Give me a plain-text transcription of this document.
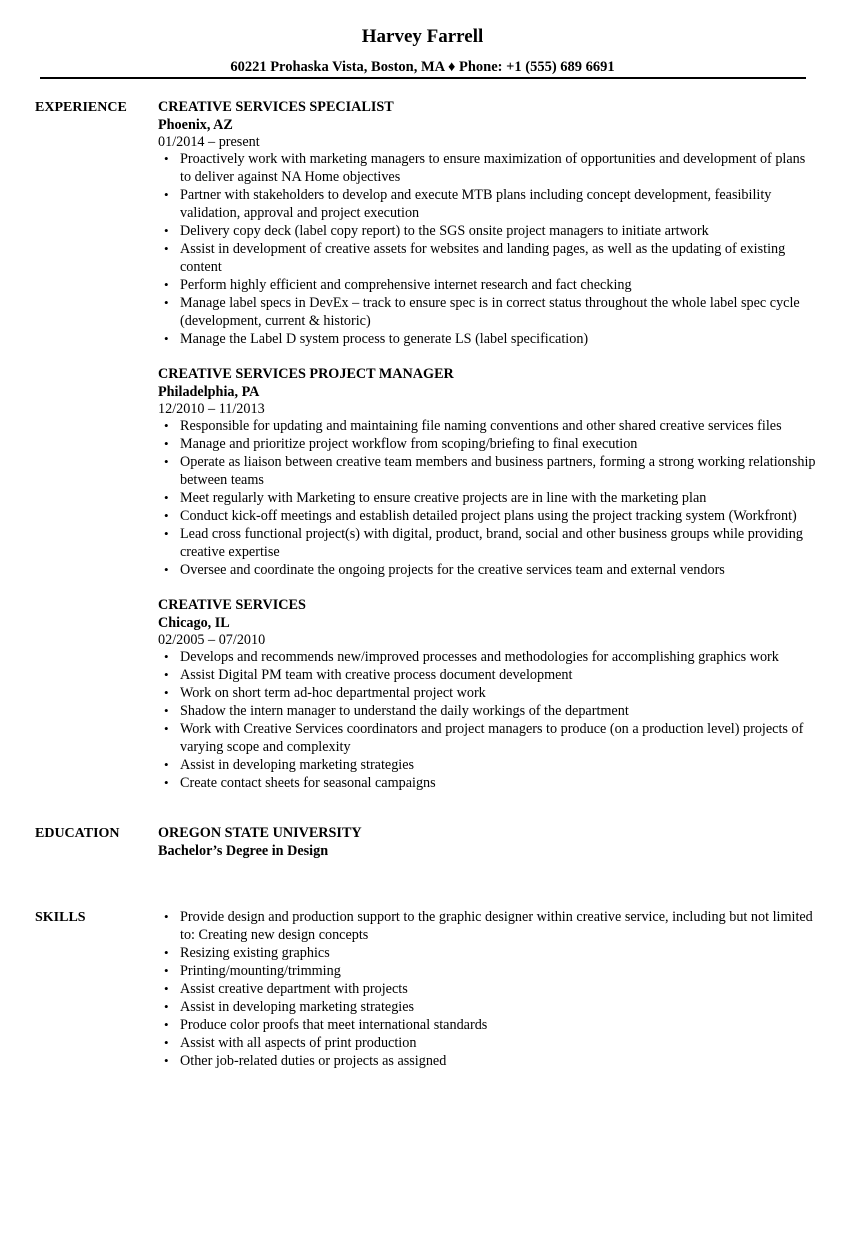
Harvey Farrell
60221 Prohaska Vista, Boston, MA ♦ Phone: +1 (555) 689 6691
EXPERIENCE CREATIVE SERVICES SPECIALIST
Phoenix, AZ
01/2014 – present
• Proactively work with marketing managers to ensure maximization of opportunities and development of plans to deliver against NA Home objectives
• Partner with stakeholders to develop and execute MTB plans including concept development, feasibility validation, approval and project execution
• Delivery copy deck (label copy report) to the SGS onsite project managers to initiate artwork
• Assist in development of creative assets for websites and landing pages, as well as the updating of existing content
• Perform highly efficient and comprehensive internet research and fact checking
• Manage label specs in DevEx – track to ensure spec is in correct status throughout the whole label spec cycle (development, current & historic)
• Manage the Label D system process to generate LS (label specification)
CREATIVE SERVICES PROJECT MANAGER
Philadelphia, PA
12/2010 – 11/2013
• Responsible for updating and maintaining file naming conventions and other shared creative services files
• Manage and prioritize project workflow from scoping/briefing to final execution
• Operate as liaison between creative team members and business partners, forming a strong working relationship between teams
• Meet regularly with Marketing to ensure creative projects are in line with the marketing plan
• Conduct kick-off meetings and establish detailed project plans using the project tracking system (Workfront)
• Lead cross functional project(s) with digital, product, brand, social and other business groups while providing creative expertise
• Oversee and coordinate the ongoing projects for the creative services team and external vendors
CREATIVE SERVICES
Chicago, IL
02/2005 – 07/2010
• Develops and recommends new/improved processes and methodologies for accomplishing graphics work
• Assist Digital PM team with creative process document development
• Work on short term ad-hoc departmental project work
• Shadow the intern manager to understand the daily workings of the department
• Work with Creative Services coordinators and project managers to produce (on a production level) projects of varying scope and complexity
• Assist in developing marketing strategies
• Create contact sheets for seasonal campaigns
EDUCATION	OREGON STATE UNIVERSITY
Bachelor’s Degree in Design
SKILLS	• Provide design and production support to the graphic designer within creative service, including but not limited to: Creating new design concepts
• Resizing existing graphics
• Printing/mounting/trimming
• Assist creative department with projects
• Assist in developing marketing strategies
• Produce color proofs that meet international standards
• Assist with all aspects of print production
• Other job-related duties or projects as assigned
